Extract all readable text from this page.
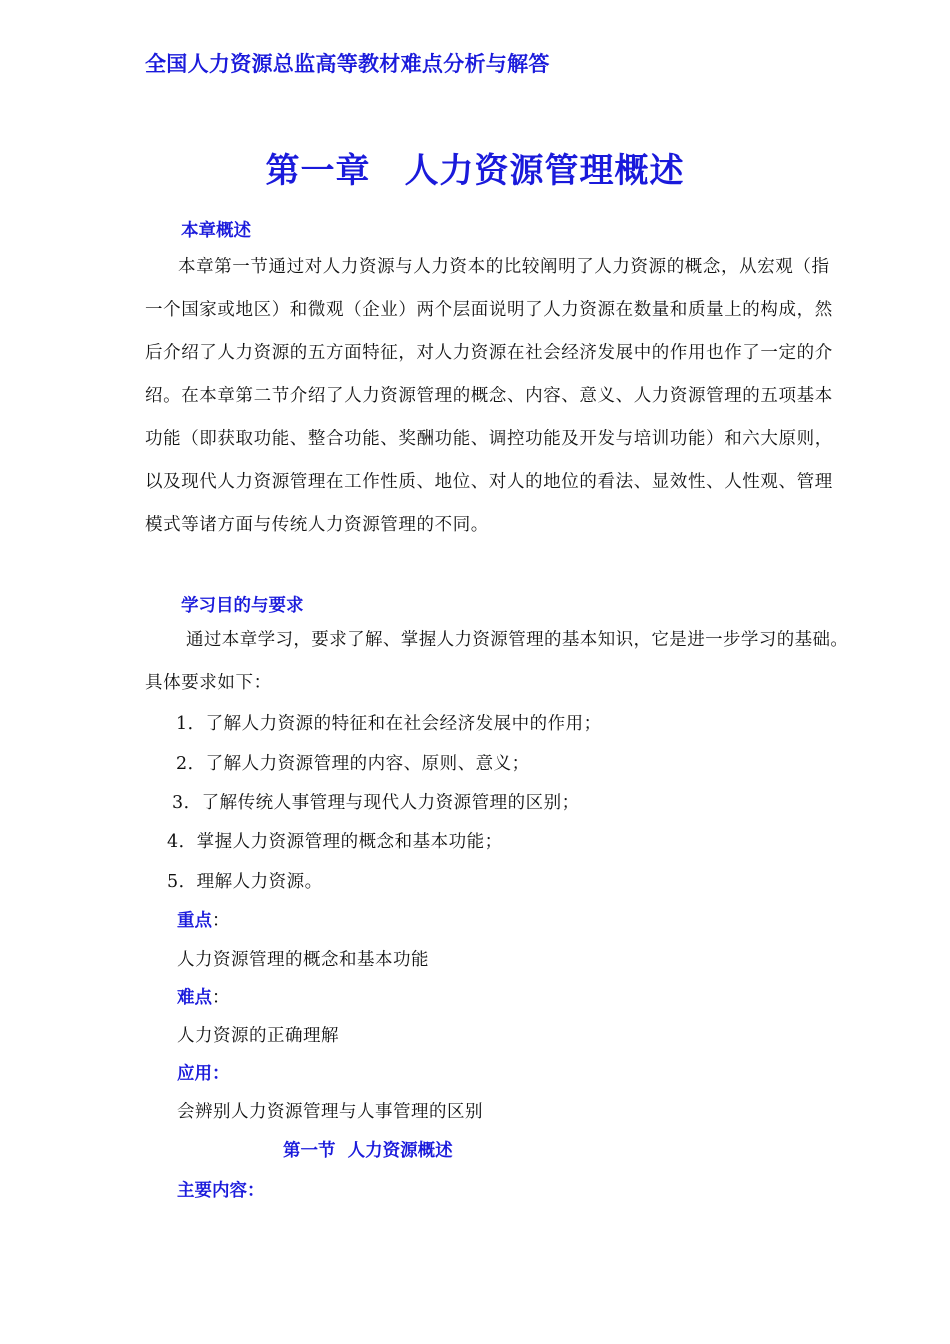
全国人力资源总监高等教材难点分析与解答
第一章 人力资源管理概述
本章概述
本章第一节通过对人力资源与人力资本的比较阐明了人力资源的概念，从宏观（指
一个国家或地区）和微观（企业）两个层面说明了人力资源在数量和质量上的构成，然
后介绍了人力资源的五方面特征，对人力资源在社会经济发展中的作用也作了一定的介
绍。在本章第二节介绍了人力资源管理的概念、内容、意义、人力资源管理的五项基本
功能（即获取功能、整合功能、奖酬功能、调控功能及开发与培训功能）和六大原则，
以及现代人力资源管理在工作性质、地位、对人的地位的看法、显效性、人性观、管理
模式等诸方面与传统人力资源管理的不同。
学习目的与要求
通过本章学习，要求了解、掌握人力资源管理的基本知识，它是进一步学习的基础。
具体要求如下：
1．了解人力资源的特征和在社会经济发展中的作用；
2．了解人力资源管理的内容、原则、意义；
3．了解传统人事管理与现代人力资源管理的区别；
4．掌握人力资源管理的概念和基本功能；
5．理解人力资源。
重点：
人力资源管理的概念和基本功能
难点：
人力资源的正确理解
应用：
会辨别人力资源管理与人事管理的区别
第一节  人力资源概述
主要内容：
